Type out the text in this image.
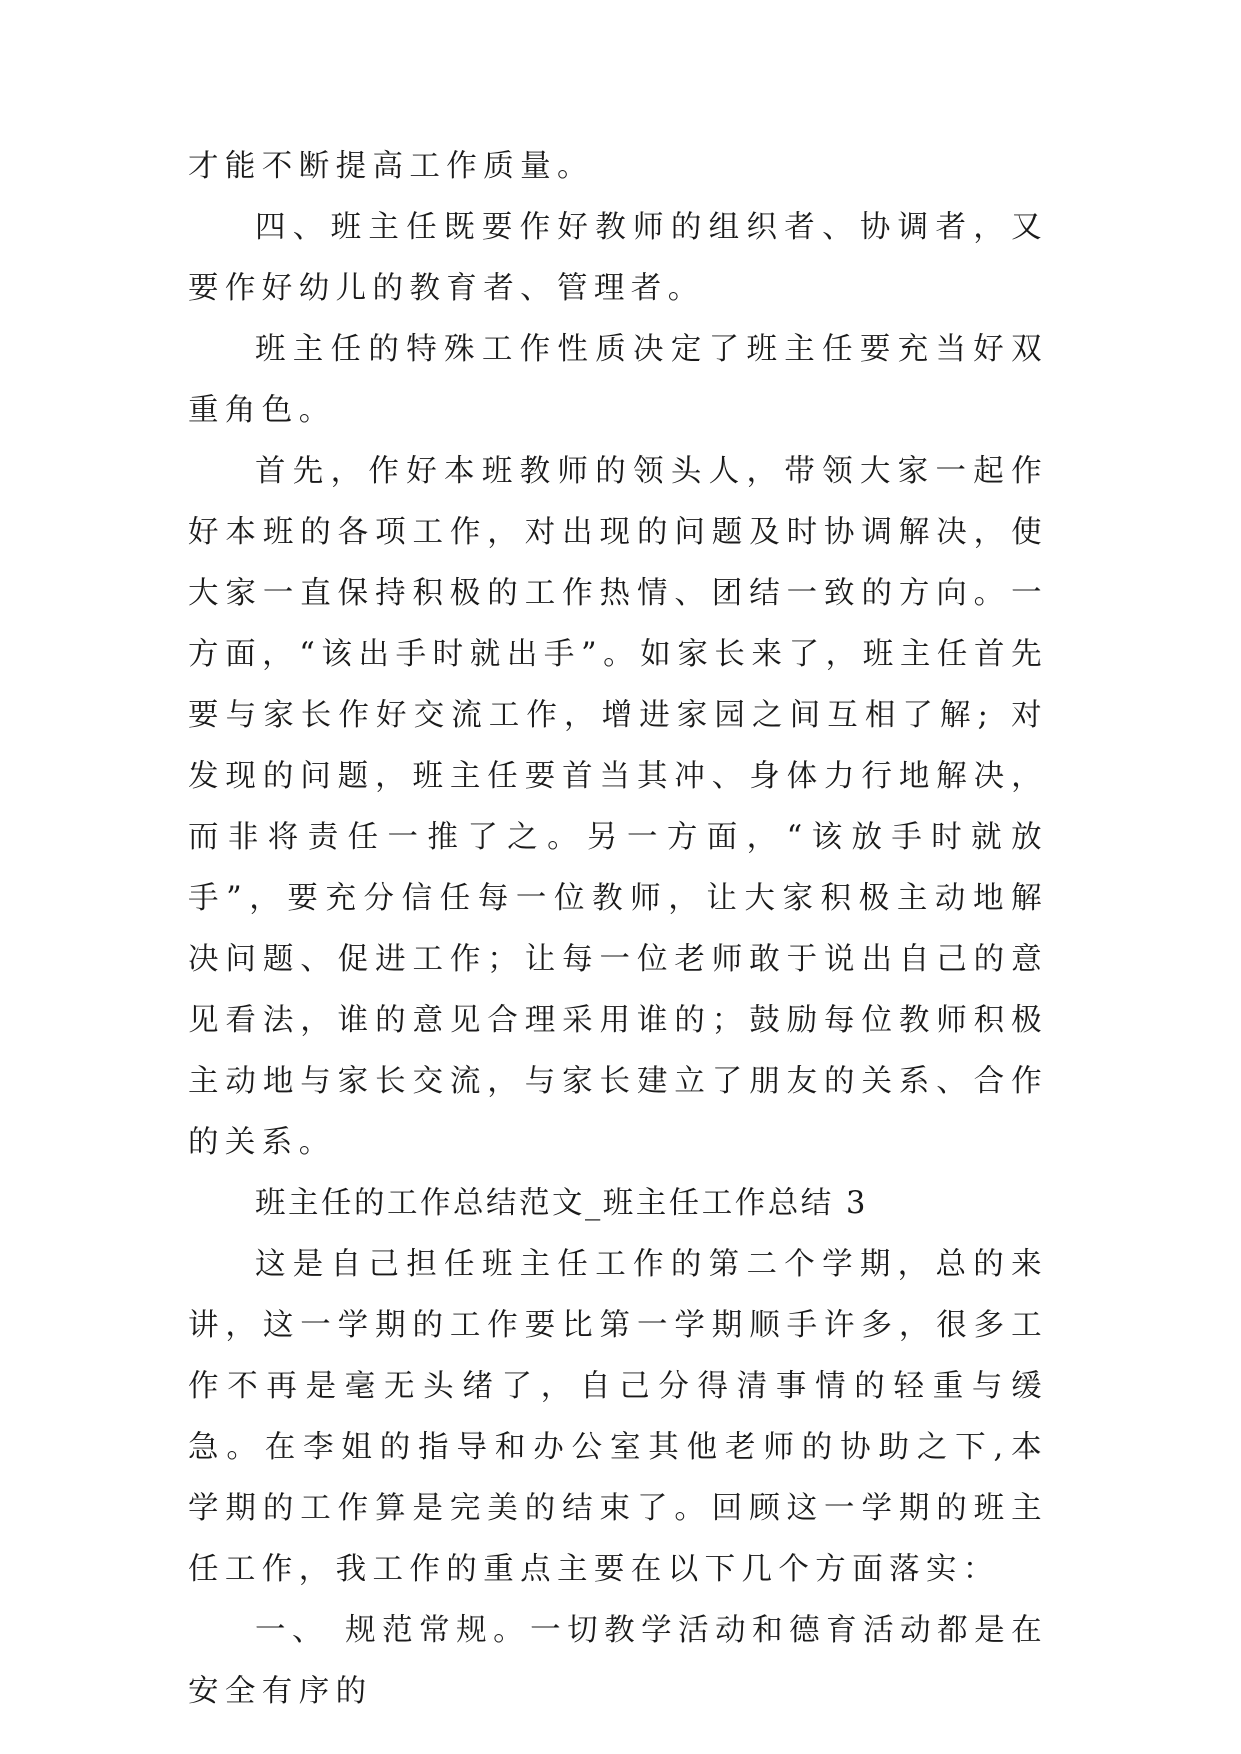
才能不断提高工作质量。

四、班主任既要作好教师的组织者、协调者，又要作好幼儿的教育者、管理者。

班主任的特殊工作性质决定了班主任要充当好双重角色。

首先，作好本班教师的领头人，带领大家一起作好本班的各项工作，对出现的问题及时协调解决，使大家一直保持积极的工作热情、团结一致的方向。一方面，“该出手时就出手”。如家长来了，班主任首先要与家长作好交流工作，增进家园之间互相了解; 对发现的问题，班主任要首当其冲、身体力行地解决，而非将责任一推了之。另一方面，“该放手时就放手”，要充分信任每一位教师，让大家积极主动地解决问题、促进工作；让每一位老师敢于说出自己的意见看法，谁的意见合理采用谁的；鼓励每位教师积极主动地与家长交流，与家长建立了朋友的关系、合作的关系。

班主任的工作总结范文_班主任工作总结 3

这是自己担任班主任工作的第二个学期，总的来讲，这一学期的工作要比第一学期顺手许多，很多工作不再是毫无头绪了，自己分得清事情的轻重与缓急。在李姐的指导和办公室其他老师的协助之下,本学期的工作算是完美的结束了。回顾这一学期的班主任工作，我工作的重点主要在以下几个方面落实：

一、 规范常规。一切教学活动和德育活动都是在安全有序的
